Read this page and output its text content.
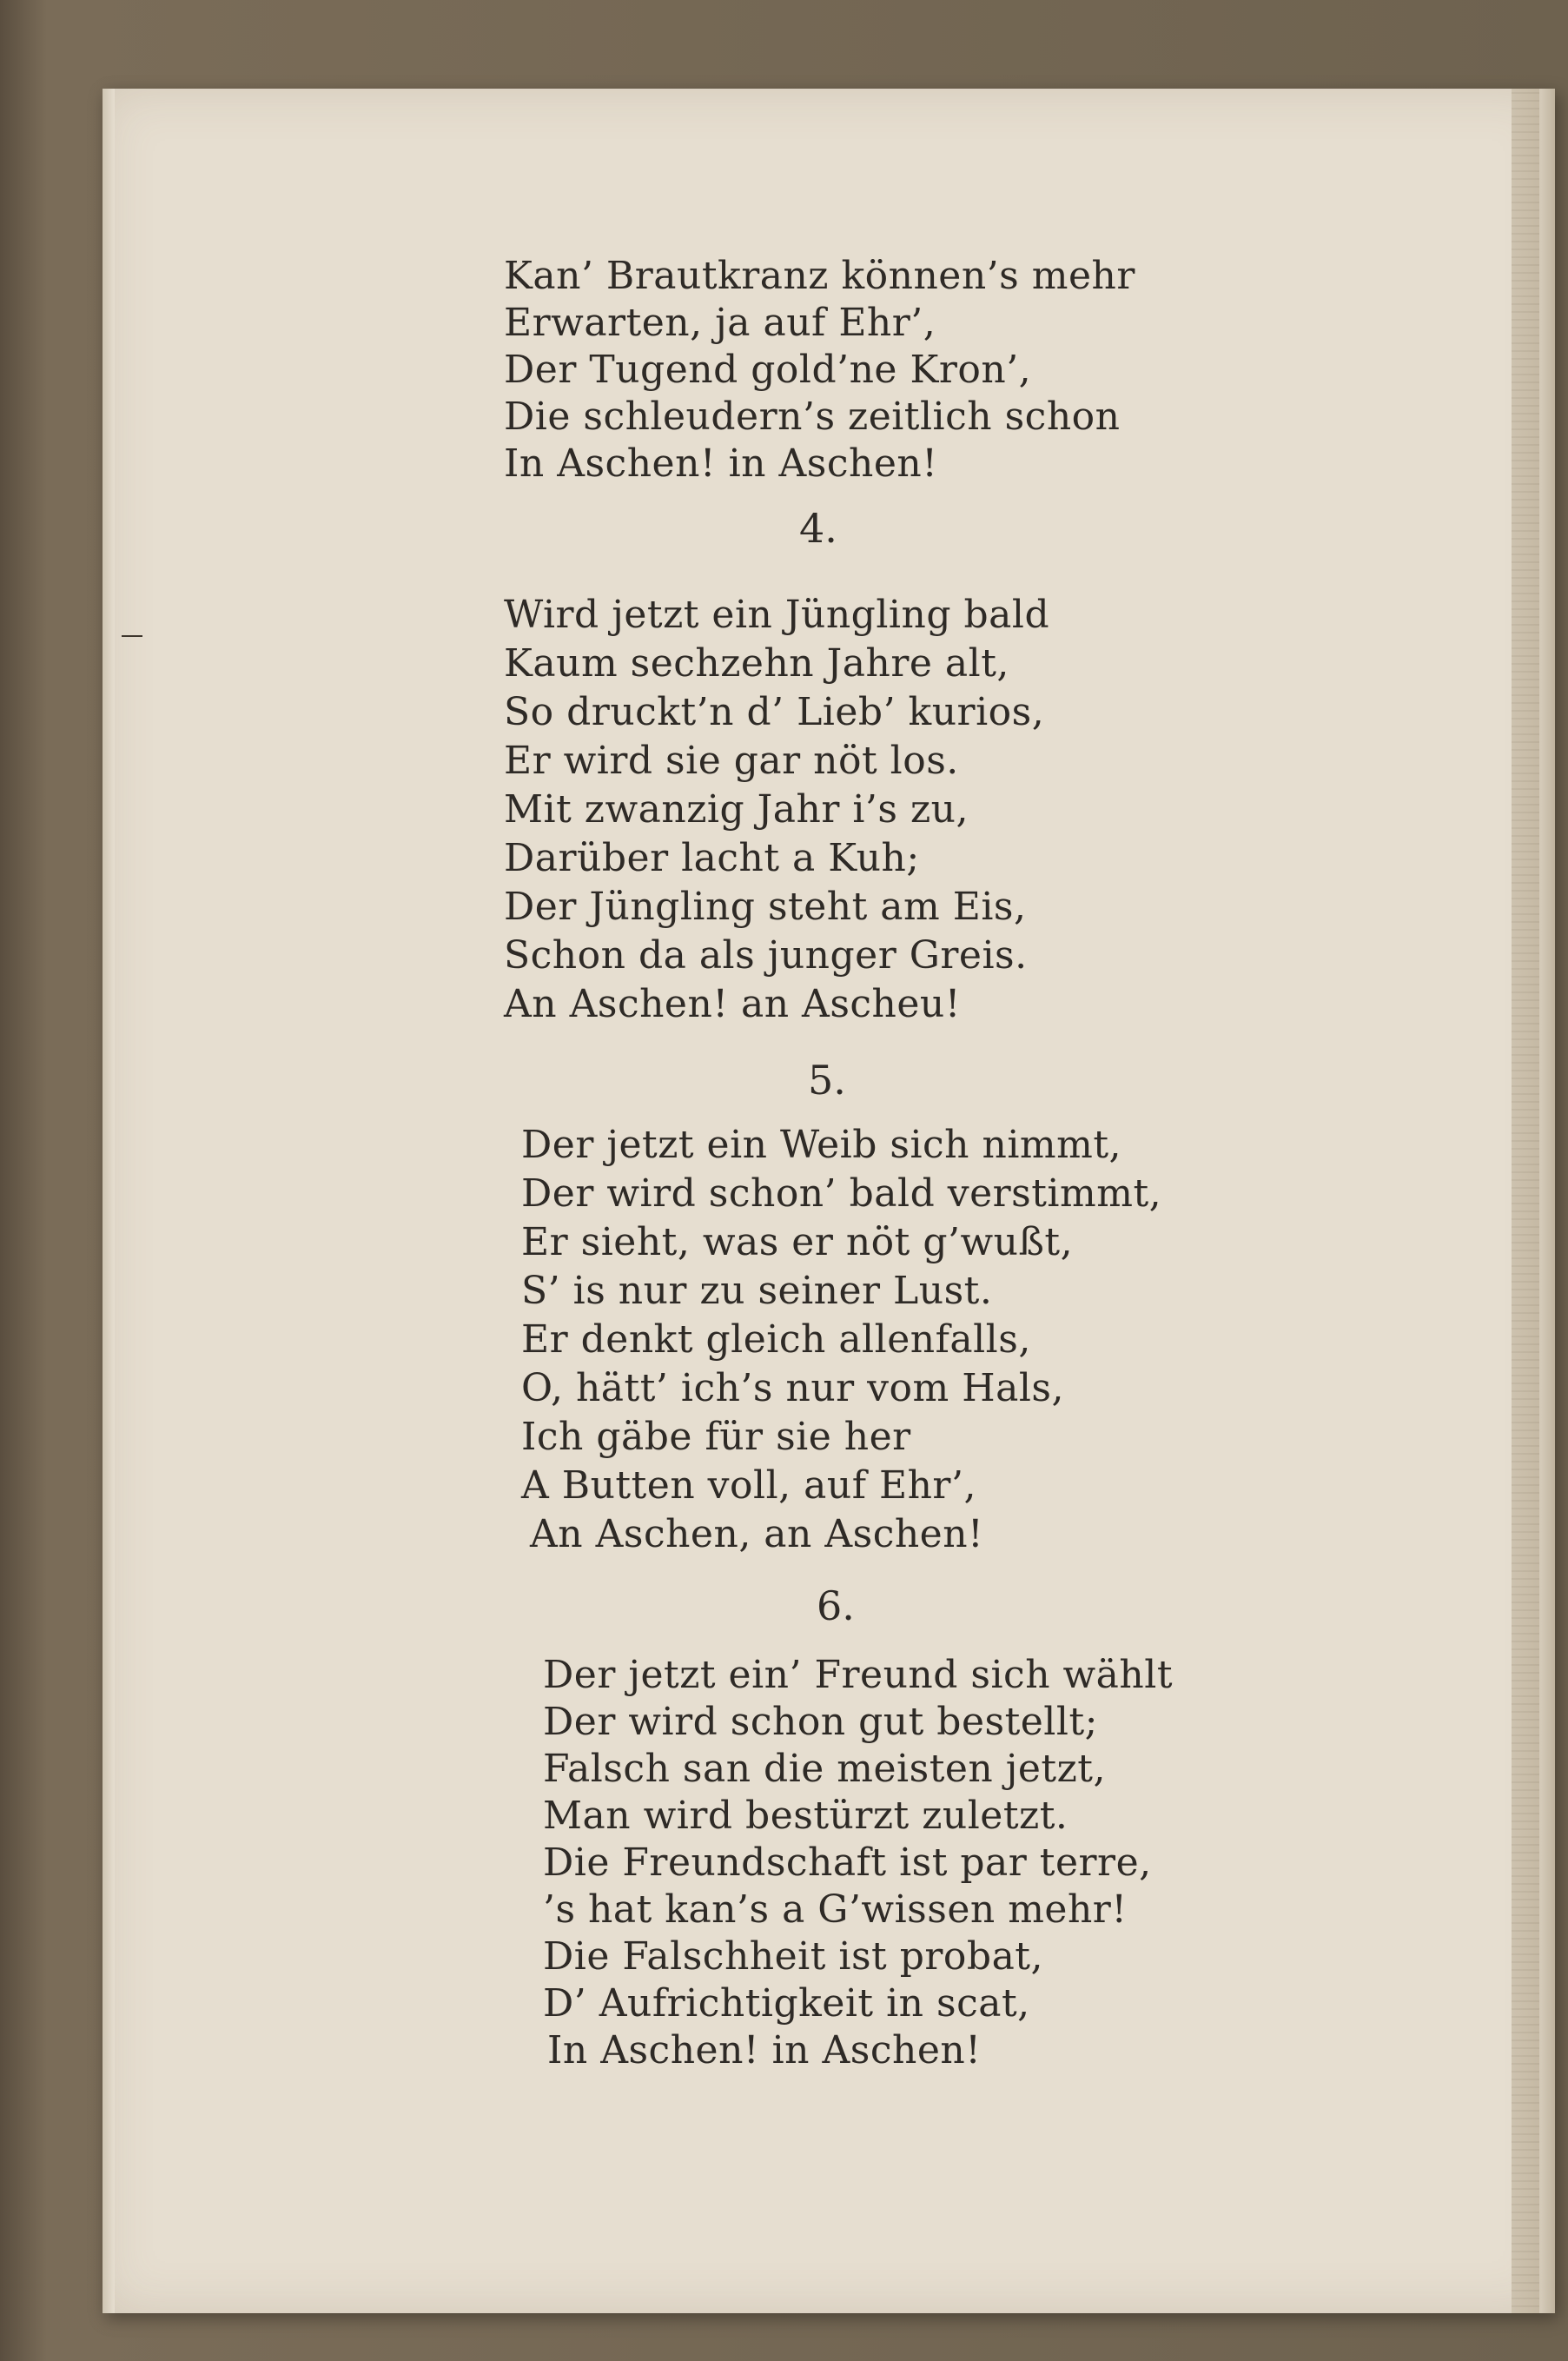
Kan’ Brautkranz können’s mehr
Erwarten, ja auf Ehr’,
Der Tugend gold’ne Kron’,
Die schleudern’s zeitlich schon
In Aschen! in Aschen!
4.
Wird jetzt ein Jüngling bald
Kaum sechzehn Jahre alt,
So druckt’n d’ Lieb’ kurios,
Er wird sie gar nöt los.
Mit zwanzig Jahr i’s zu,
Darüber lacht a Kuh;
Der Jüngling steht am Eis,
Schon da als junger Greis.
An Aschen! an Ascheu!
5.
Der jetzt ein Weib sich nimmt,
Der wird schon’ bald verstimmt,
Er sieht, was er nöt g’wußt,
S’ is nur zu seiner Lust.
Er denkt gleich allenfalls,
O, hätt’ ich’s nur vom Hals,
Ich gäbe für sie her
A Butten voll, auf Ehr’,
An Aschen, an Aschen!
6.
Der jetzt ein’ Freund sich wählt
Der wird schon gut bestellt;
Falsch san die meisten jetzt,
Man wird bestürzt zuletzt.
Die Freundschaft ist par terre,
’s hat kan’s a G’wissen mehr!
Die Falschheit ist probat,
D’ Aufrichtigkeit in scat,
In Aschen! in Aschen!
